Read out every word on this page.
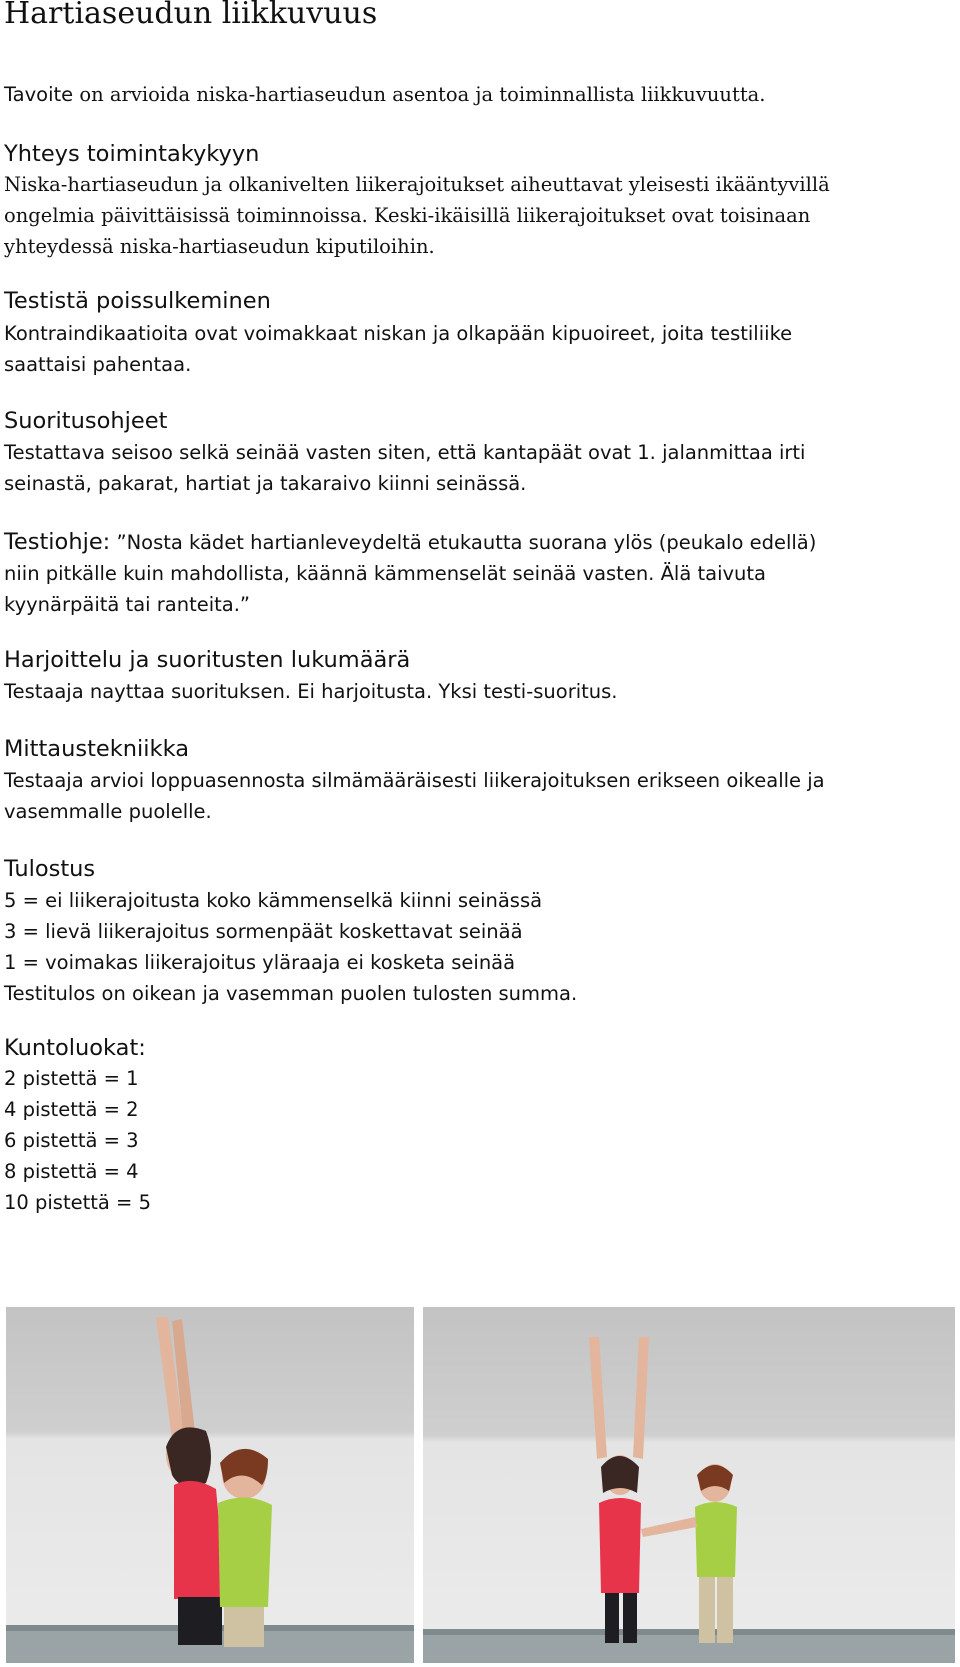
Hartiaseudun liikkuvuus
Tavoite on arvioida niska-hartiaseudun asentoa ja toiminnallista liikkuvuutta.
Yhteys toimintakykyyn
Niska-hartiaseudun ja olkanivelten liikerajoitukset aiheuttavat yleisesti ikääntyvillä
ongelmia päivittäisissä toiminnoissa. Keski-ikäisillä liikerajoitukset ovat toisinaan
yhteydessä niska-hartiaseudun kiputiloihin.
Testistä poissulkeminen
Kontraindikaatioita ovat voimakkaat niskan ja olkapään kipuoireet, joita testiliike
saattaisi pahentaa.
Suoritusohjeet
Testattava seisoo selkä seinää vasten siten, että kantapäät ovat 1. jalanmittaa irti
seinastä, pakarat, hartiat ja takaraivo kiinni seinässä.
Testiohje: ”Nosta kädet hartianleveydeltä etukautta suorana ylös (peukalo edellä)
niin pitkälle kuin mahdollista, käännä kämmenselät seinää vasten. Älä taivuta
kyynärpäitä tai ranteita.”
Harjoittelu ja suoritusten lukumäärä
Testaaja nayttaa suorituksen. Ei harjoitusta. Yksi testi-suoritus.
Mittaustekniikka
Testaaja arvioi loppuasennosta silmämääräisesti liikerajoituksen erikseen oikealle ja
vasemmalle puolelle.
Tulostus
5 = ei liikerajoitusta koko kämmenselkä kiinni seinässä
3 = lievä liikerajoitus sormenpäät koskettavat seinää
1 = voimakas liikerajoitus yläraaja ei kosketa seinää
Testitulos on oikean ja vasemman puolen tulosten summa.
Kuntoluokat:
2 pistettä = 1
4 pistettä = 2
6 pistettä = 3
8 pistettä = 4
10 pistettä = 5
